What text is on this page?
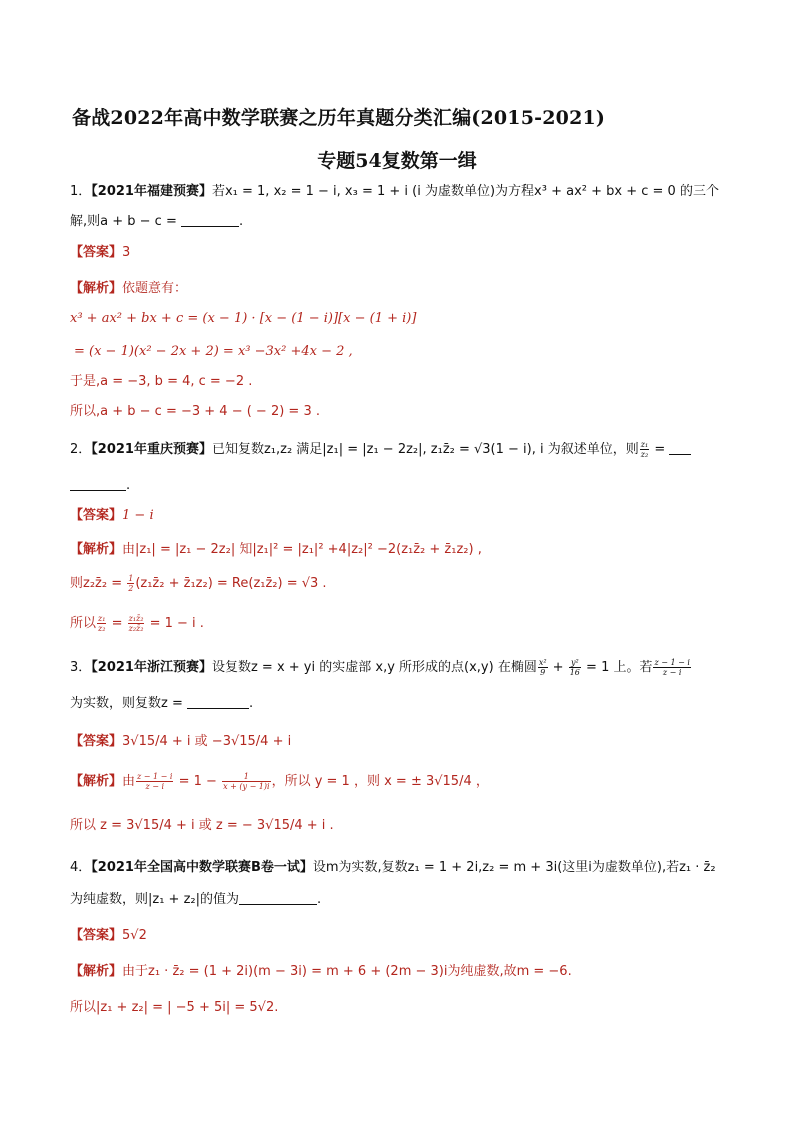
备战2022年高中数学联赛之历年真题分类汇编(2015-2021)
专题54复数第一缉
1．【2021年福建预赛】若x₁ = 1, x₂ = 1 − i, x₃ = 1 + i (i 为虚数单位)为方程x³ + ax² + bx + c = 0 的三个
解,则a + b − c =	.
【答案】3
【解析】依题意有：
x³ + ax² + bx + c = (x − 1) · [x − (1 − i)][x − (1 + i)]
= (x − 1)(x² − 2x + 2) = x³ −3x² +4x − 2 ,
于是,a = −3, b = 4, c = −2 .
所以,a + b − c = −3 + 4 − ( − 2) = 3 .
2．【2021年重庆预赛】已知复数z₁,z₂ 满足|z₁| = |z₁ − 2z₂|, z₁z̄₂ = √3(1 − i), i 为叙述单位，则 $\frac{\text{z₁}}{\text{z₂}}$ =
.
【答案】1 − i
【解析】由|z₁| = |z₁ − 2z₂| 知|z₁|² = |z₁|² +4|z₂|² −2(z₁z̄₂ + z̄₁z₂) ,
则z₂z̄₂ = $\frac{1}{2}$ (z₁z̄₂ + z̄₁z₂) = Re(z₁z̄₂) = √3 .
所以 $\frac{\text{z₁}}{\text{z₂}} = \frac{\text{z₁z̄₂}}{\text{z₂z̄₂}} = 1 - i$ .
3．【2021年浙江预赛】设复数z = x + yi 的实虚部 x,y 所形成的点(x,y) 在椭圆 $\frac{\text{x²}}{9} + \frac{\text{y²}}{16} = 1$ 上。若 $\frac{z - 1 - i}{z - i}$
为实数，则复数z =	.
【答案】3√15/4 + i 或 −3√15/4 + i
【解析】由 $\frac{z - 1 - i}{z - i} = 1 - \frac{1}{x + (y - 1)i}$ ，所以 y = 1 ，则 x = ± 3√15/4 ，
所以 z = 3√15/4 + i 或 z = − 3√15/4 + i .
4．【2021年全国高中数学联赛B卷一试】设m为实数,复数z₁ = 1 + 2i,z₂ = m + 3i(这里i为虚数单位),若z₁ · z̄₂
为纯虚数，则|z₁ + z₂|的值为	.
【答案】5√2
【解析】由于z₁ · z̄₂ = (1 + 2i)(m − 3i) = m + 6 + (2m − 3)i为纯虚数,故m = −6.
所以|z₁ + z₂| = | −5 + 5i| = 5√2.
